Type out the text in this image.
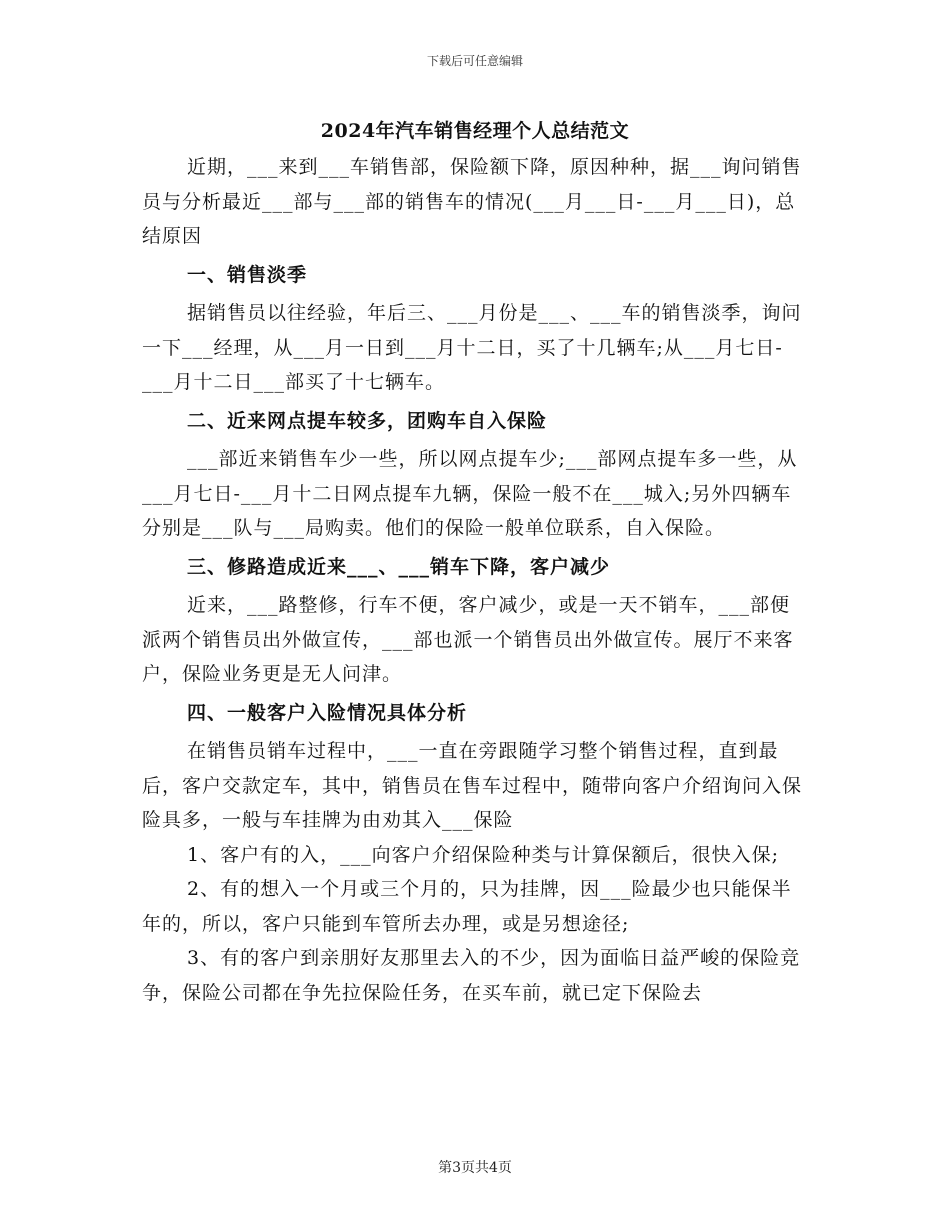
下载后可任意编辑
2024年汽车销售经理个人总结范文

近期，___来到___车销售部，保险额下降，原因种种，据___询问销售员与分析最近___部与___部的销售车的情况(___月___日-___月___日)，总结原因

一、销售淡季

据销售员以往经验，年后三、___月份是___、___车的销售淡季，询问一下___经理，从___月一日到___月十二日，买了十几辆车;从___月七日-___月十二日___部买了十七辆车。

二、近来网点提车较多，团购车自入保险

___部近来销售车少一些，所以网点提车少;___部网点提车多一些，从___月七日-___月十二日网点提车九辆，保险一般不在___城入;另外四辆车分别是___队与___局购卖。他们的保险一般单位联系，自入保险。

三、修路造成近来___、___销车下降，客户减少

近来，___路整修，行车不便，客户减少，或是一天不销车，___部便派两个销售员出外做宣传，___部也派一个销售员出外做宣传。展厅不来客户，保险业务更是无人问津。

四、一般客户入险情况具体分析

在销售员销车过程中，___一直在旁跟随学习整个销售过程，直到最后，客户交款定车，其中，销售员在售车过程中，随带向客户介绍询问入保险具多，一般与车挂牌为由劝其入___保险

1、客户有的入，___向客户介绍保险种类与计算保额后，很快入保;

2、有的想入一个月或三个月的，只为挂牌，因___险最少也只能保半年的，所以，客户只能到车管所去办理，或是另想途径;

3、有的客户到亲朋好友那里去入的不少，因为面临日益严峻的保险竞争，保险公司都在争先拉保险任务，在买车前，就已定下保险去

第3页共4页
